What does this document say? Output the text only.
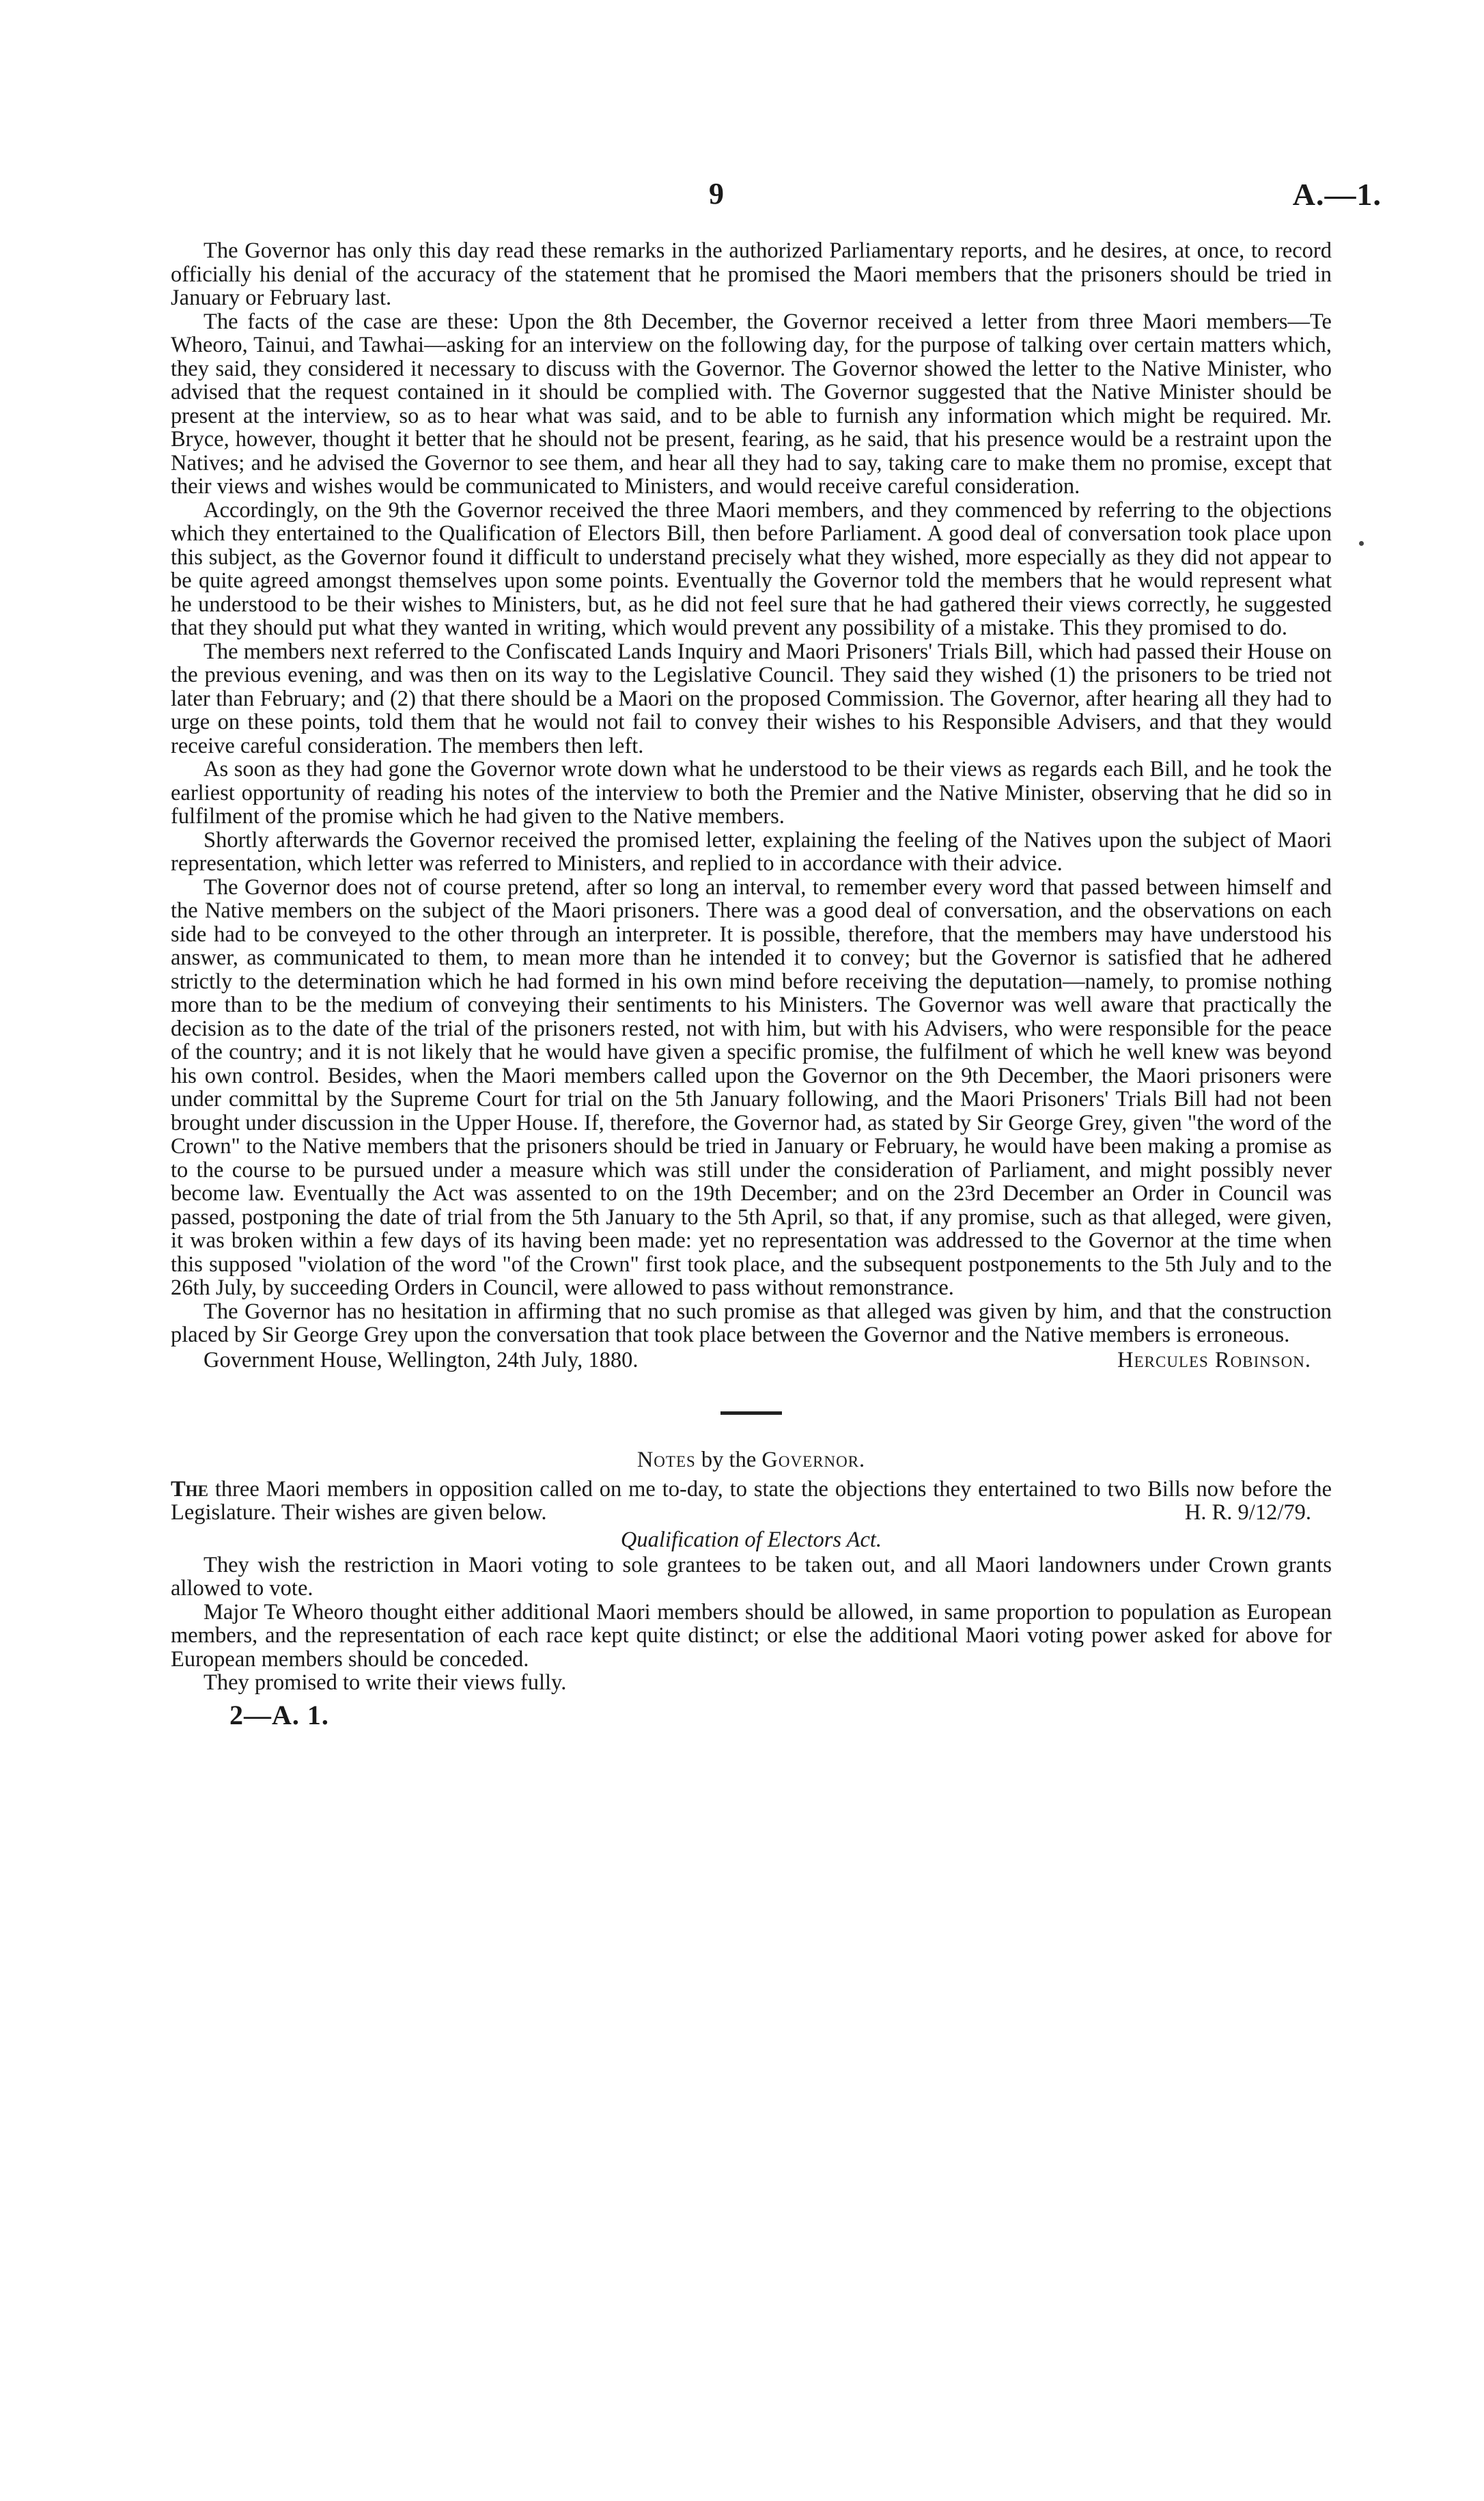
9	A.—1.

The Governor has only this day read these remarks in the authorized Parliamentary reports, and he desires, at once, to record officially his denial of the accuracy of the statement that he promised the Maori members that the prisoners should be tried in January or February last.

The facts of the case are these: Upon the 8th December, the Governor received a letter from three Maori members—Te Wheoro, Tainui, and Tawhai—asking for an interview on the following day, for the purpose of talking over certain matters which, they said, they considered it necessary to discuss with the Governor. The Governor showed the letter to the Native Minister, who advised that the request contained in it should be complied with. The Governor suggested that the Native Minister should be present at the interview, so as to hear what was said, and to be able to furnish any information which might be required. Mr. Bryce, however, thought it better that he should not be present, fearing, as he said, that his presence would be a restraint upon the Natives; and he advised the Governor to see them, and hear all they had to say, taking care to make them no promise, except that their views and wishes would be communicated to Ministers, and would receive careful consideration.

Accordingly, on the 9th the Governor received the three Maori members, and they commenced by referring to the objections which they entertained to the Qualification of Electors Bill, then before Parliament. A good deal of conversation took place upon this subject, as the Governor found it difficult to understand precisely what they wished, more especially as they did not appear to be quite agreed amongst themselves upon some points. Eventually the Governor told the members that he would represent what he understood to be their wishes to Ministers, but, as he did not feel sure that he had gathered their views correctly, he suggested that they should put what they wanted in writing, which would prevent any possibility of a mistake. This they promised to do.

The members next referred to the Confiscated Lands Inquiry and Maori Prisoners' Trials Bill, which had passed their House on the previous evening, and was then on its way to the Legislative Council. They said they wished (1) the prisoners to be tried not later than February; and (2) that there should be a Maori on the proposed Commission. The Governor, after hearing all they had to urge on these points, told them that he would not fail to convey their wishes to his Responsible Advisers, and that they would receive careful consideration. The members then left.

As soon as they had gone the Governor wrote down what he understood to be their views as regards each Bill, and he took the earliest opportunity of reading his notes of the interview to both the Premier and the Native Minister, observing that he did so in fulfilment of the promise which he had given to the Native members.

Shortly afterwards the Governor received the promised letter, explaining the feeling of the Natives upon the subject of Maori representation, which letter was referred to Ministers, and replied to in accordance with their advice.

The Governor does not of course pretend, after so long an interval, to remember every word that passed between himself and the Native members on the subject of the Maori prisoners. There was a good deal of conversation, and the observations on each side had to be conveyed to the other through an interpreter. It is possible, therefore, that the members may have understood his answer, as communicated to them, to mean more than he intended it to convey; but the Governor is satisfied that he adhered strictly to the determination which he had formed in his own mind before receiving the deputation—namely, to promise nothing more than to be the medium of conveying their sentiments to his Ministers. The Governor was well aware that practically the decision as to the date of the trial of the prisoners rested, not with him, but with his Advisers, who were responsible for the peace of the country; and it is not likely that he would have given a specific promise, the fulfilment of which he well knew was beyond his own control. Besides, when the Maori members called upon the Governor on the 9th December, the Maori prisoners were under committal by the Supreme Court for trial on the 5th January following, and the Maori Prisoners' Trials Bill had not been brought under discussion in the Upper House. If, therefore, the Governor had, as stated by Sir George Grey, given "the word of the Crown" to the Native members that the prisoners should be tried in January or February, he would have been making a promise as to the course to be pursued under a measure which was still under the consideration of Parliament, and might possibly never become law. Eventually the Act was assented to on the 19th December; and on the 23rd December an Order in Council was passed, postponing the date of trial from the 5th January to the 5th April, so that, if any promise, such as that alleged, were given, it was broken within a few days of its having been made: yet no representation was addressed to the Governor at the time when this supposed "violation of the word "of the Crown" first took place, and the subsequent postponements to the 5th July and to the 26th July, by succeeding Orders in Council, were allowed to pass without remonstrance.

The Governor has no hesitation in affirming that no such promise as that alleged was given by him, and that the construction placed by Sir George Grey upon the conversation that took place between the Governor and the Native members is erroneous.

Government House, Wellington, 24th July, 1880.	Hercules Robinson.

Notes by the Governor.

The three Maori members in opposition called on me to-day, to state the objections they entertained to two Bills now before the Legislature. Their wishes are given below.	H. R. 9/12/79.

Qualification of Electors Act.

They wish the restriction in Maori voting to sole grantees to be taken out, and all Maori landowners under Crown grants allowed to vote.

Major Te Wheoro thought either additional Maori members should be allowed, in same proportion to population as European members, and the representation of each race kept quite distinct; or else the additional Maori voting power asked for above for European members should be conceded.

They promised to write their views fully.

2—A. 1.
